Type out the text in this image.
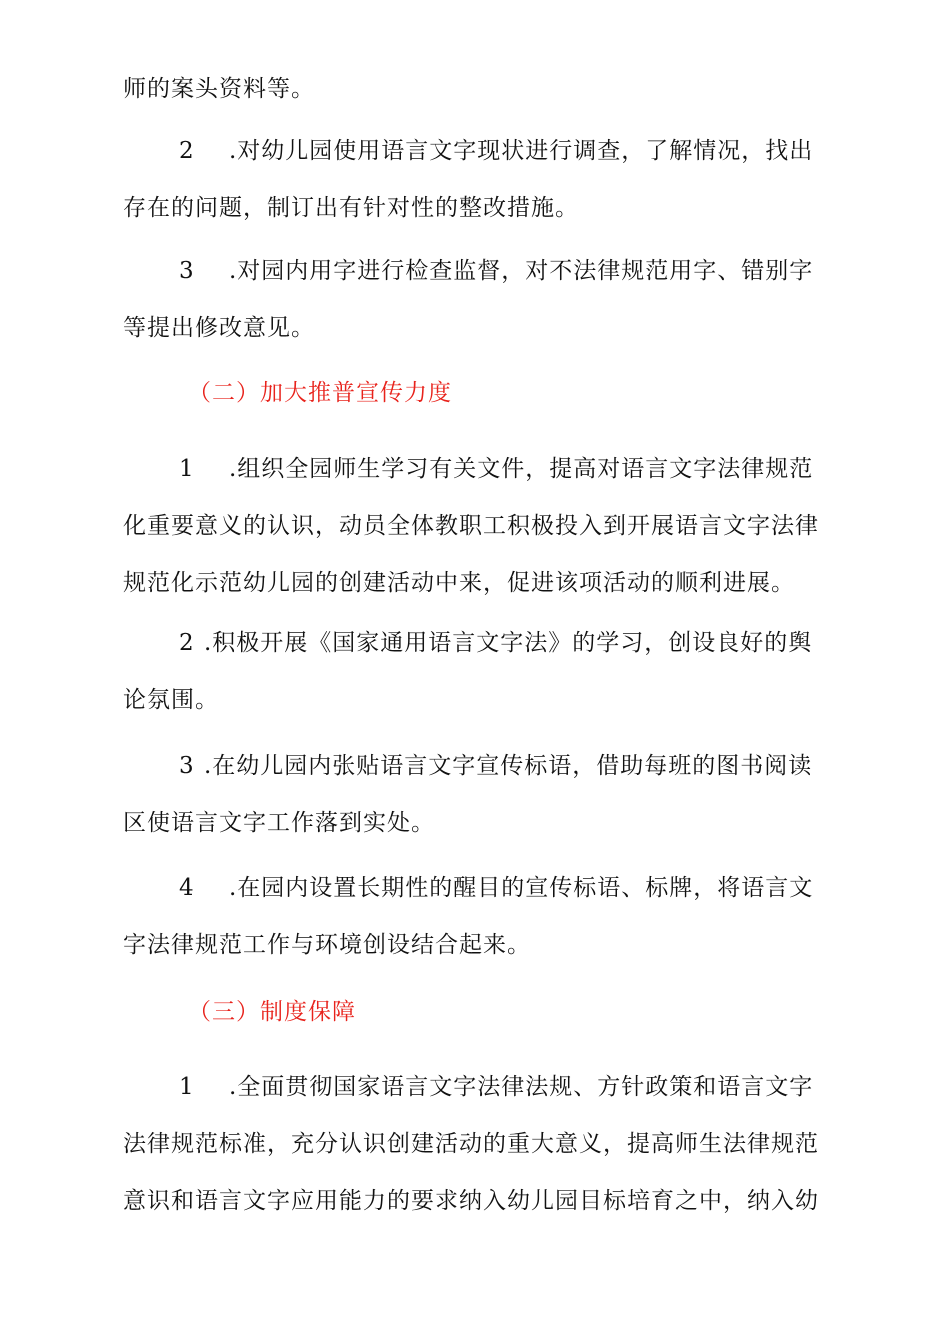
师的案头资料等。
2 .对幼儿园使用语言文字现状进行调查，了解情况，找出
存在的问题，制订出有针对性的整改措施。
3 .对园内用字进行检查监督，对不法律规范用字、错别字
等提出修改意见。
（二）加大推普宣传力度
1 .组织全园师生学习有关文件，提高对语言文字法律规范
化重要意义的认识，动员全体教职工积极投入到开展语言文字法律
规范化示范幼儿园的创建活动中来，促进该项活动的顺利进展。
2 .积极开展《国家通用语言文字法》的学习，创设良好的舆
论氛围。
3 .在幼儿园内张贴语言文字宣传标语，借助每班的图书阅读
区使语言文字工作落到实处。
4 .在园内设置长期性的醒目的宣传标语、标牌，将语言文
字法律规范工作与环境创设结合起来。
（三）制度保障
1 .全面贯彻国家语言文字法律法规、方针政策和语言文字
法律规范标准，充分认识创建活动的重大意义，提高师生法律规范
意识和语言文字应用能力的要求纳入幼儿园目标培育之中，纳入幼
